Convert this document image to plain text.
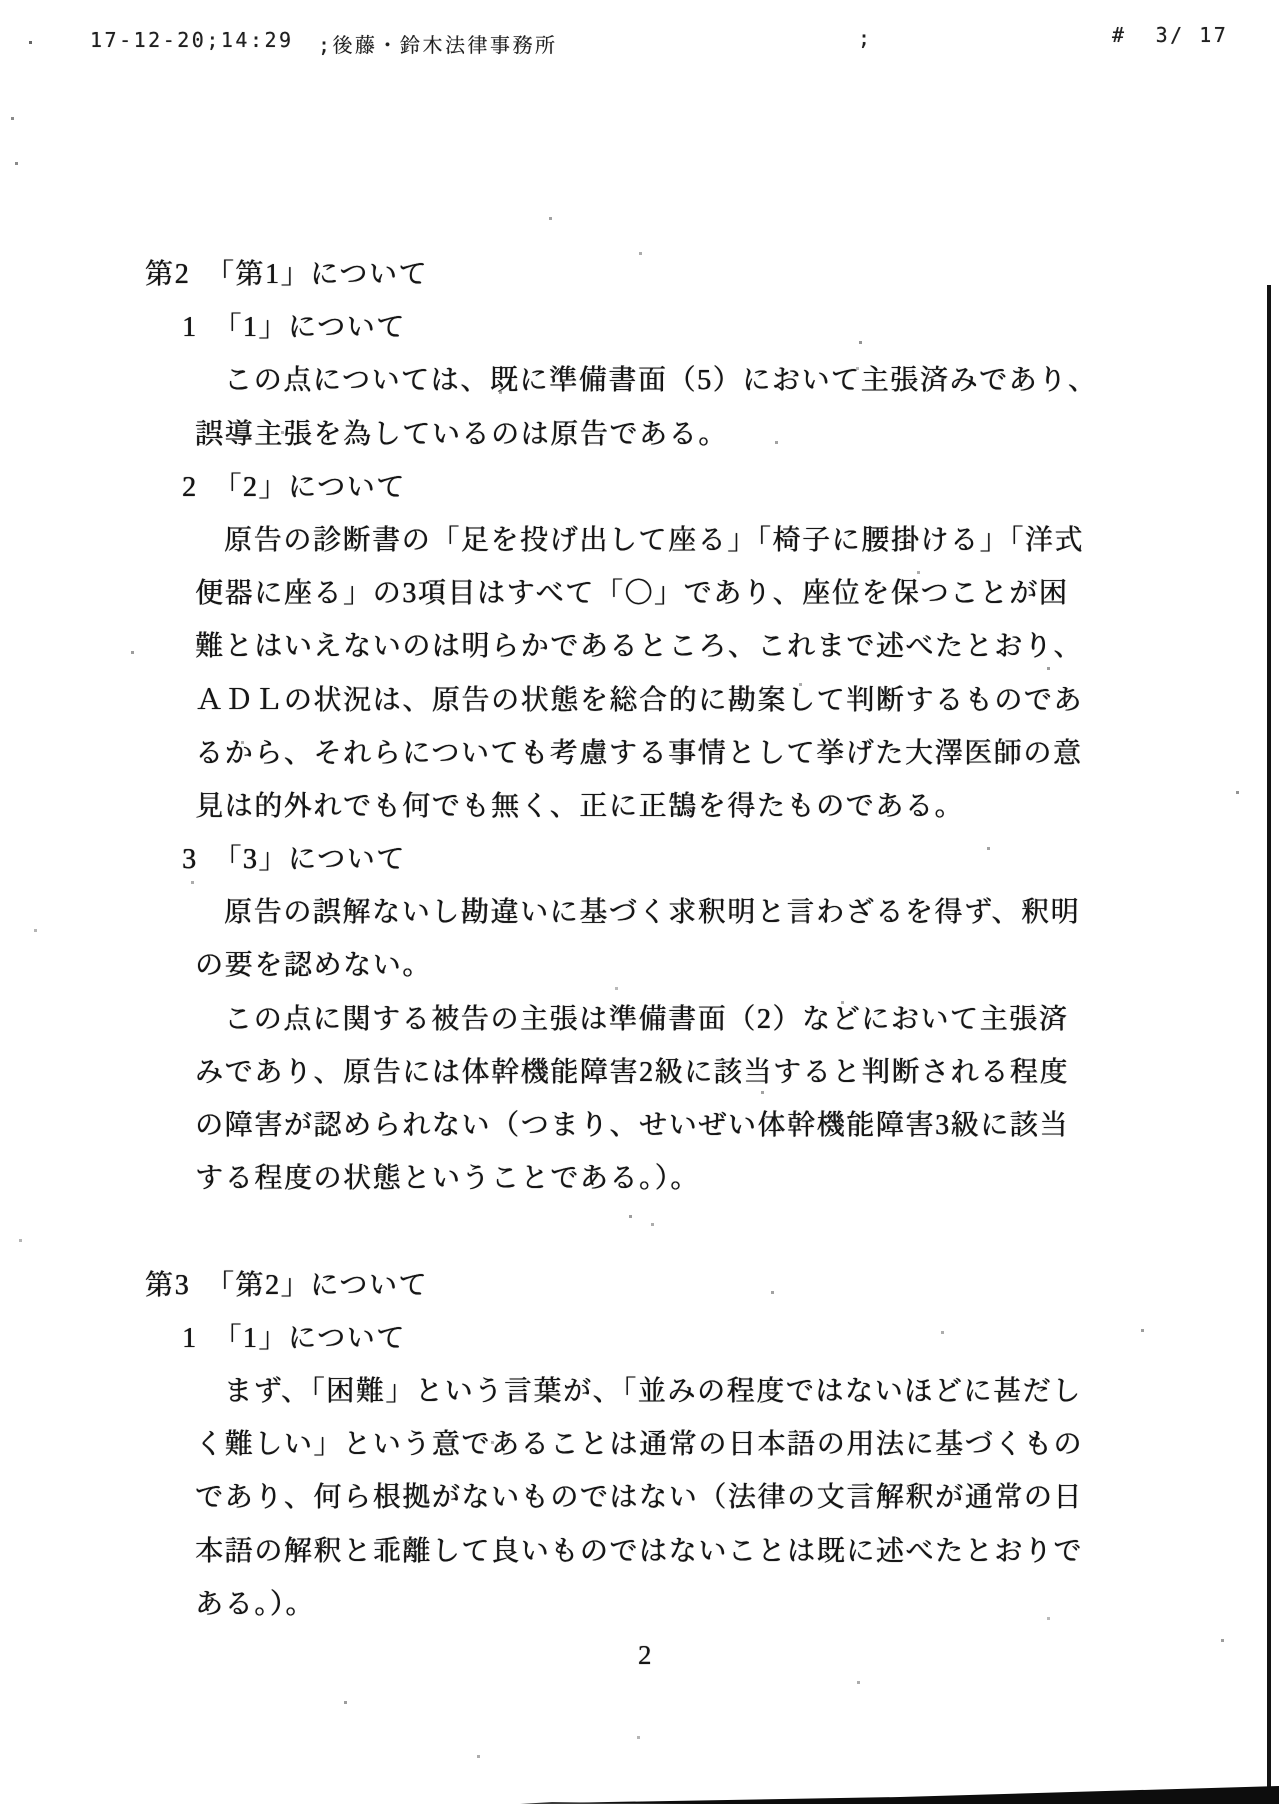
17-12-20;14:29 ;後藤・鈴木法律事務所	;	#  3/ 17
第2　「第1」について
1　「1」について
この点については、既に準備書面（5）において主張済みであり、
誤導主張を為しているのは原告である。
2　「2」について
原告の診断書の「足を投げ出して座る」「椅子に腰掛ける」「洋式
便器に座る」の3項目はすべて「〇」であり、座位を保つことが困
難とはいえないのは明らかであるところ、これまで述べたとおり、
ＡＤＬの状況は、原告の状態を総合的に勘案して判断するものであ
るから、それらについても考慮する事情として挙げた大澤医師の意
見は的外れでも何でも無く、正に正鵠を得たものである。
3　「3」について
原告の誤解ないし勘違いに基づく求釈明と言わざるを得ず、釈明
の要を認めない。
この点に関する被告の主張は準備書面（2）などにおいて主張済
みであり、原告には体幹機能障害2級に該当すると判断される程度
の障害が認められない（つまり、せいぜい体幹機能障害3級に該当
する程度の状態ということである。）。
第3　「第2」について
1　「1」について
まず、「困難」という言葉が、「並みの程度ではないほどに甚だし
く難しい」という意であることは通常の日本語の用法に基づくもの
であり、何ら根拠がないものではない（法律の文言解釈が通常の日
本語の解釈と乖離して良いものではないことは既に述べたとおりで
ある。）。
2
